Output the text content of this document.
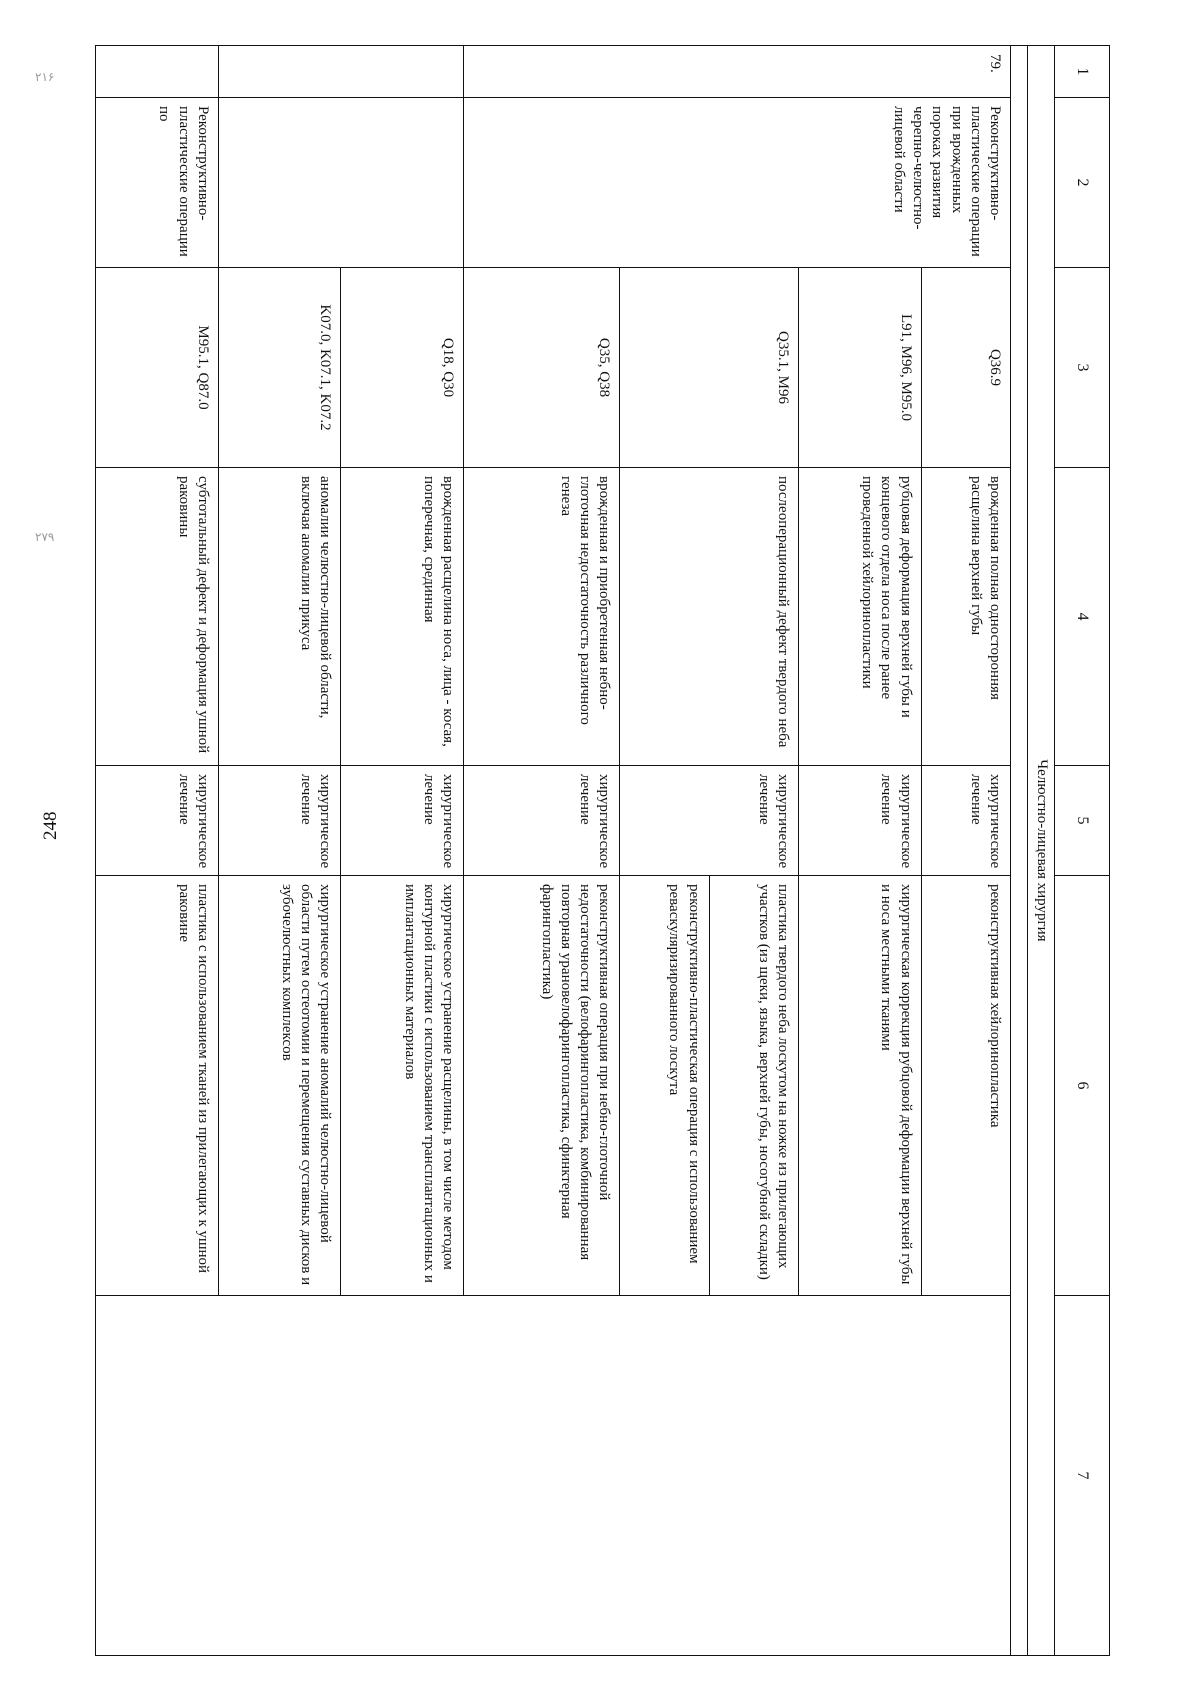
248
۲۱۶
۲۷۹
1	2	3	4	5	6	7
Челюстно-лицевая хирургия						

79.	Реконструктивно-пластические операции при врожденных пороках развития черепно-челюстно-лицевой области	Q36.9	врожденная полная односторонняя расщелина верхней губы	хирургическое лечение	реконструктивная хейлоринопластика	
		L91, M96, M95.0	рубцовая деформация верхней губы и концевого отдела носа после ранее проведенной хейлоринопластики	хирургическое лечение	хирургическая коррекция рубцовой деформации верхней губы и носа местными тканями	
		Q35.1, M96	послеоперационный дефект твердого неба	хирургическое лечение	пластика твердого неба лоскутом на ножке из прилегающих участков (из щеки, языка, верхней губы, носогубной складки)	
					реконструктивно-пластическая операция с использованием реваскуляризированного лоскута	
		Q35, Q38	врожденная и приобретенная небно-глоточная недостаточность различного генеза	хирургическое лечение	реконструктивная операция при небно-глоточной недостаточности (велофарингопластика, комбинированная повторная урановелофарингопластика, сфинктерная фарингопластика)	
		Q18, Q30	врожденная расщелина носа, лица - косая, поперечная, срединная	хирургическое лечение	хирургическое устранение расщелины, в том числе методом контурной пластики с использованием трансплантационных и имплантационных материалов	
		K07.0, K07.1, K07.2	аномалии челюстно-лицевой области, включая аномалии прикуса	хирургическое лечение	хирургическое устранение аномалий челюстно-лицевой области путем остеотомии и перемещения суставных дисков и зубочелюстных комплексов	
	Реконструктивно-пластические операции по	M95.1, Q87.0	субтотальный дефект и деформация ушной раковины	хирургическое лечение	пластика с использованием тканей из прилегающих к ушной раковине	
